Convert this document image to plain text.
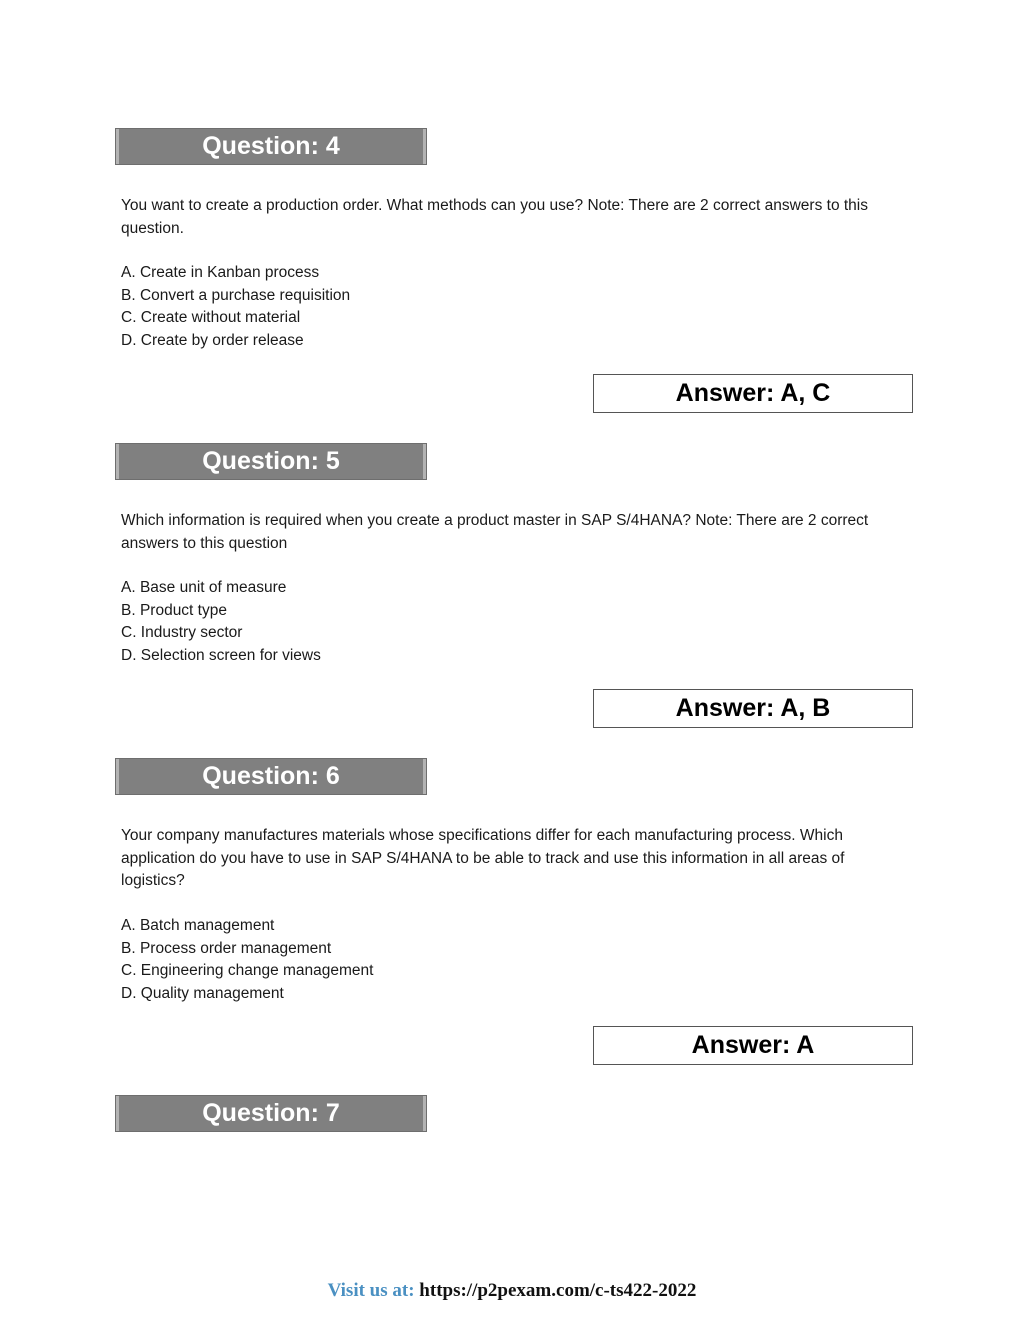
Question: 4

You want to create a production order. What methods can you use? Note: There are 2 correct answers to this question.

A. Create in Kanban process
B. Convert a purchase requisition
C. Create without material
D. Create by order release
Answer: A, C
Question: 5

Which information is required when you create a product master in SAP S/4HANA? Note: There are 2 correct answers to this question

A. Base unit of measure
B. Product type
C. Industry sector
D. Selection screen for views
Answer: A, B
Question: 6

Your company manufactures materials whose specifications differ for each manufacturing process. Which application do you have to use in SAP S/4HANA to be able to track and use this information in all areas of logistics?

A. Batch management
B. Process order management
C. Engineering change management
D. Quality management
Answer: A
Question: 7
Visit us at: https://p2pexam.com/c-ts422-2022
